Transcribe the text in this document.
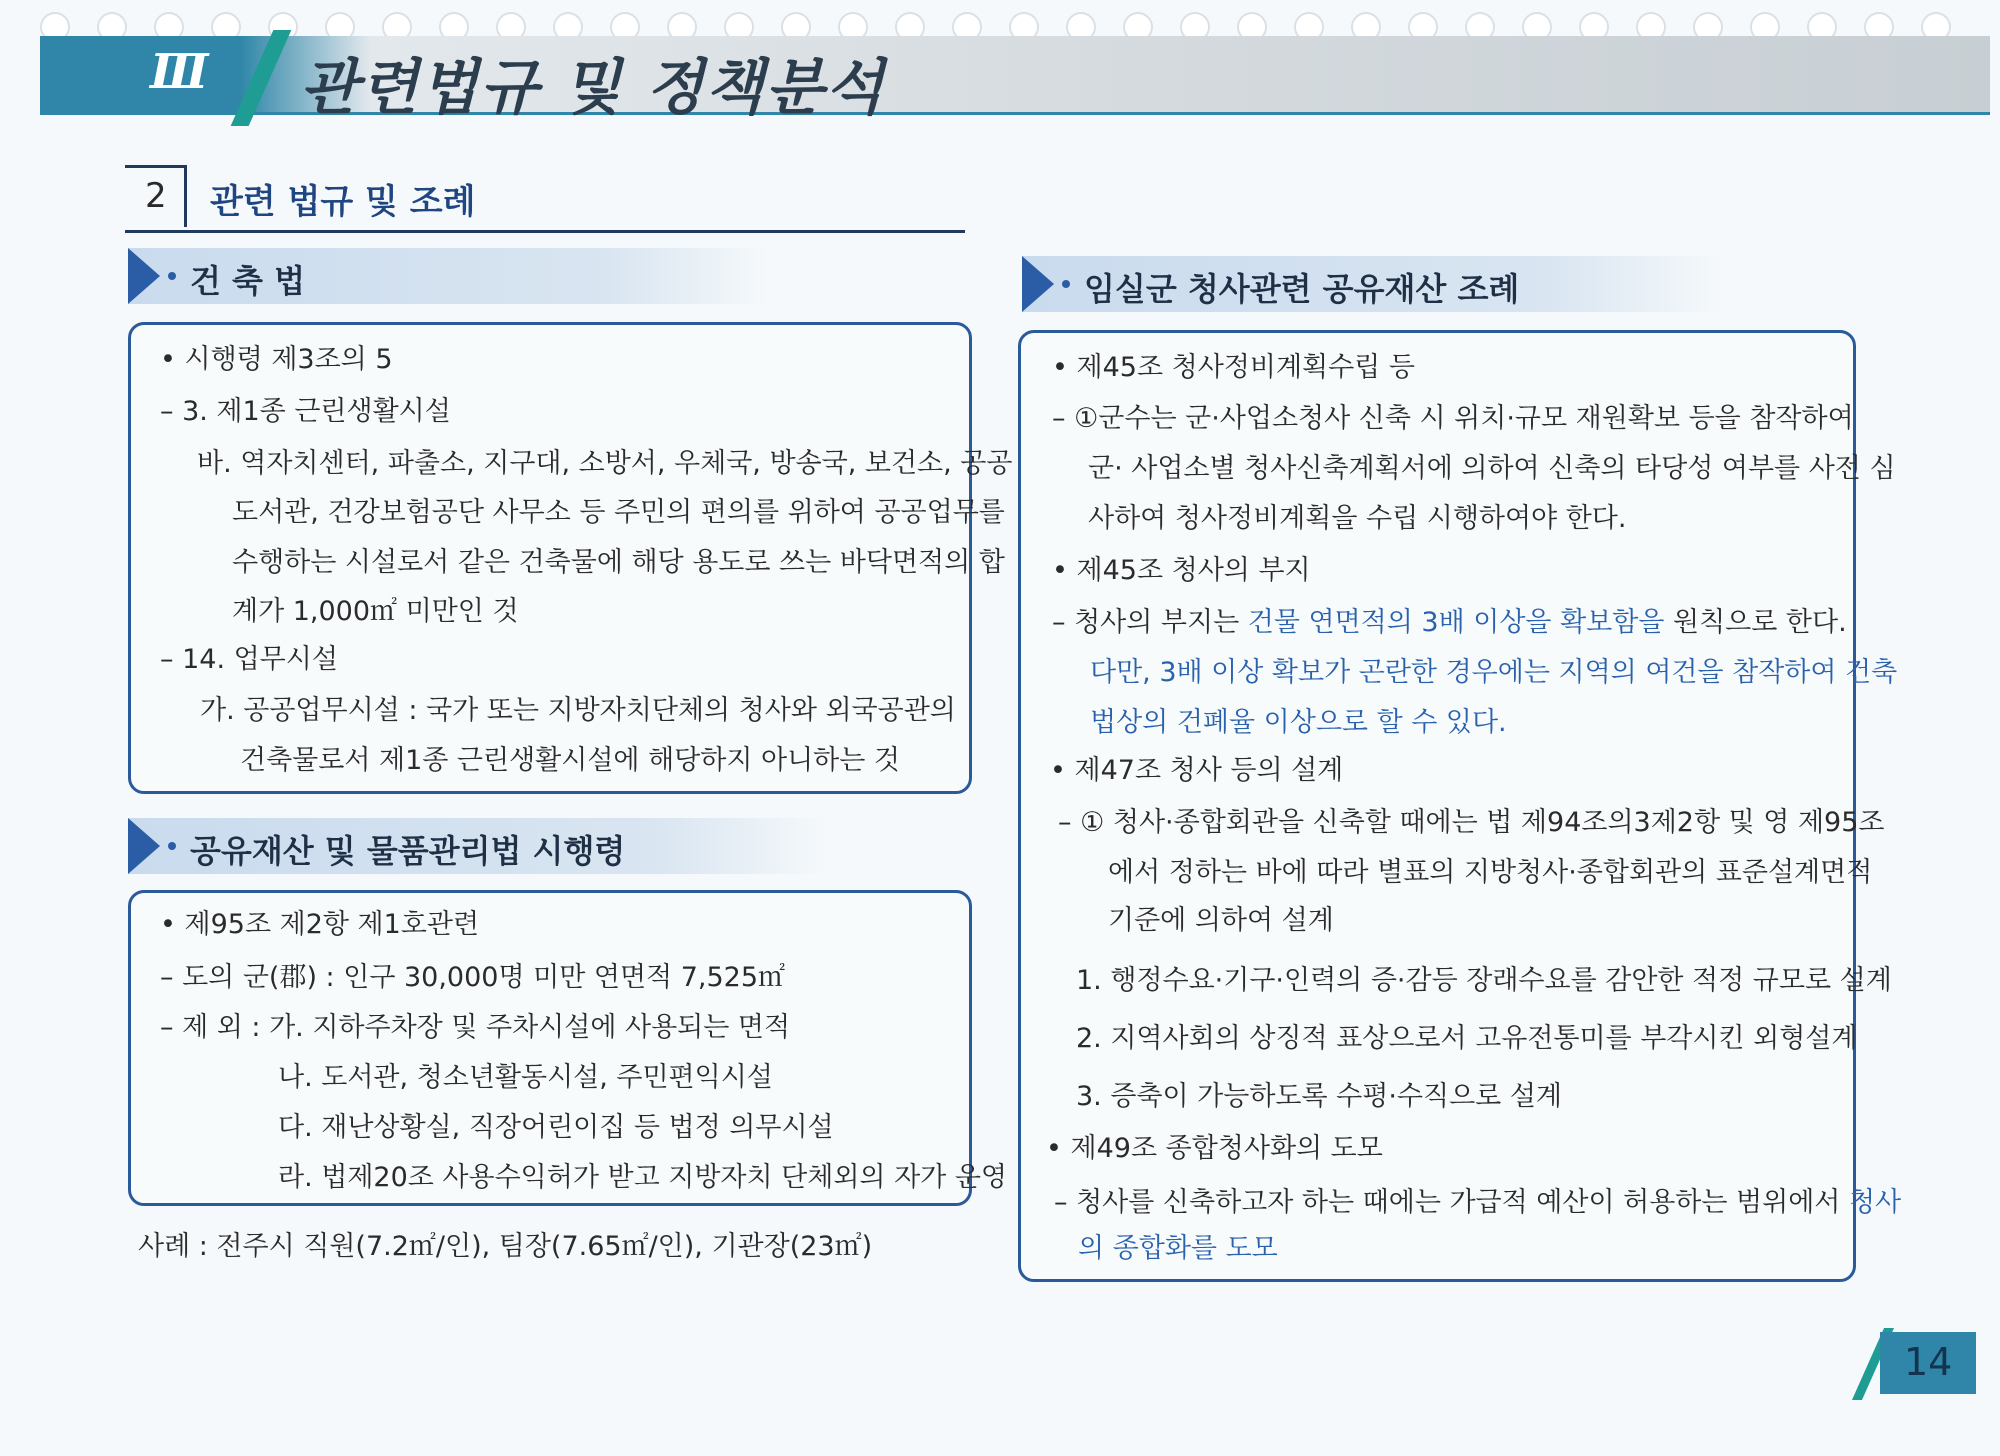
Ⅲ 관련법규 및 정책분석
2	관련 법규 및 조례
건 축 법
• 시행령 제3조의 5
– 3. 제1종 근린생활시설
바. 역자치센터, 파출소, 지구대, 소방서, 우체국, 방송국, 보건소, 공공
도서관, 건강보험공단 사무소 등 주민의 편의를 위하여 공공업무를
수행하는 시설로서 같은 건축물에 해당 용도로 쓰는 바닥면적의 합
계가 1,000㎡ 미만인 것
– 14. 업무시설
가. 공공업무시설 : 국가 또는 지방자치단체의 청사와 외국공관의
건축물로서 제1종 근린생활시설에 해당하지 아니하는 것
공유재산 및 물품관리법 시행령
• 제95조 제2항 제1호관련
– 도의 군(郡) : 인구 30,000명 미만 연면적 7,525㎡
– 제 외 : 가. 지하주차장 및 주차시설에 사용되는 면적
나. 도서관, 청소년활동시설, 주민편익시설
다. 재난상황실, 직장어린이집 등 법정 의무시설
라. 법제20조 사용수익허가 받고 지방자치 단체외의 자가 운영
사례 : 전주시 직원(7.2㎡/인), 팀장(7.65㎡/인), 기관장(23㎡)
임실군 청사관련 공유재산 조례
• 제45조 청사정비계획수립 등
– ①군수는 군·사업소청사 신축 시 위치·규모 재원확보 등을 참작하여
군· 사업소별 청사신축계획서에 의하여 신축의 타당성 여부를 사전 심
사하여 청사정비계획을 수립 시행하여야 한다.
• 제45조 청사의 부지
– 청사의 부지는 건물 연면적의 3배 이상을 확보함을 원칙으로 한다.
다만, 3배 이상 확보가 곤란한 경우에는 지역의 여건을 참작하여 건축
법상의 건폐율 이상으로 할 수 있다.
• 제47조 청사 등의 설계
– ① 청사·종합회관을 신축할 때에는 법 제94조의3제2항 및 영 제95조
에서 정하는 바에 따라 별표의 지방청사·종합회관의 표준설계면적
기준에 의하여 설계
1. 행정수요·기구·인력의 증·감등 장래수요를 감안한 적정 규모로 설계
2. 지역사회의 상징적 표상으로서 고유전통미를 부각시킨 외형설계
3. 증축이 가능하도록 수평·수직으로 설계
• 제49조 종합청사화의 도모
– 청사를 신축하고자 하는 때에는 가급적 예산이 허용하는 범위에서 청사
의 종합화를 도모
14
